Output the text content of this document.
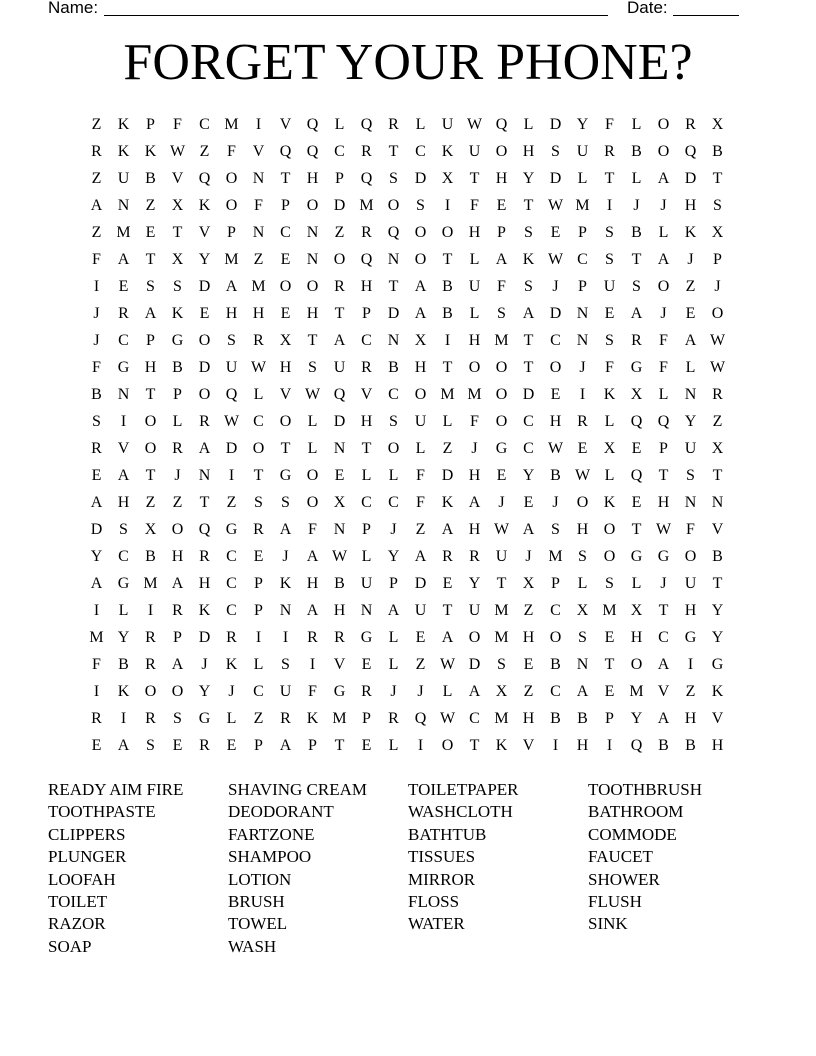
Name:	Date:
FORGET YOUR PHONE?
Z	K	P	F	C M	I	V Q	L	Q R	L	U W Q	L	D Y	F	L	O R X
R K K W Z	F	V Q Q C	R	T	C K U O H	S	U R	B O Q B
Z	U B V Q O N	T	H	P	Q	S	D X	T	H Y D	L	T	L	A D	T
A N	Z	X K O	F	P	O D M O	S	I	F	E	T W M	I	J	J	H	S
Z M E	T	V	P	N C N	Z	R Q O O H	P	S	E	P	S	B	L	K X
F	A	T	X Y M Z	E	N O Q N O	T	L	A K W C	S	T	A	J	P
I	E	S	S	D A M O O R H	T	A B U	F	S	J	P	U	S	O	Z	J
J	R A K	E	H H	E	H	T	P	D A B	L	S	A D N	E	A	J	E	O
J	C	P	G O	S	R X	T	A C N X	I	H M T	C N	S	R	F	A W
F	G H B D U W H	S	U R	B H	T	O O	T	O	J	F	G	F	L W
B N	T	P	O Q	L	V W Q V C O M M O D	E	I	K X	L	N R
S	I	O	L	R W C O	L	D H	S	U	L	F	O C H R	L	Q Q Y	Z
R V O R A D O	T	L	N	T	O	L	Z	J	G C W E	X	E	P	U X
E	A	T	J	N	I	T	G O	E	L	L	F	D H	E	Y B W L	Q	T	S	T
A H	Z	Z	T	Z	S	S	O X C	C	F	K A	J	E	J	O K	E	H N N
D	S	X O Q G R A	F	N	P	J	Z	A H W A	S	H O	T W F	V
Y C	B H R	C	E	J	A W L	Y A R	R U	J	M S	O G G O B
A G M A H C	P	K H B U	P	D	E	Y	T	X	P	L	S	L	J	U	T
I	L	I	R K C	P	N A H N A U	T	U M Z	C X M X	T	H Y
M Y R	P	D R	I	I	R	R G	L	E	A O M H O	S	E	H C G Y
F	B	R A	J	K	L	S	I	V	E	L	Z W D	S	E	B N	T	O A	I	G
I	K O O Y	J	C U	F	G R	J	J	L	A X	Z	C A	E M V	Z	K
R	I	R	S	G	L	Z	R K M P	R Q W C M H B	B	P	Y A H V
E	A	S	E	R	E	P	A	P	T	E	L	I	O	T	K V	I	H	I	Q B	B H
READY AIM FIRE
TOOTHPASTE
CLIPPERS
PLUNGER
LOOFAH
TOILET
RAZOR
SOAP
SHAVING CREAM
DEODORANT
FARTZONE
SHAMPOO
LOTION
BRUSH
TOWEL
WASH
TOILETPAPER
WASHCLOTH
BATHTUB
TISSUES
MIRROR
FLOSS
WATER
TOOTHBRUSH
BATHROOM
COMMODE
FAUCET
SHOWER
FLUSH
SINK
